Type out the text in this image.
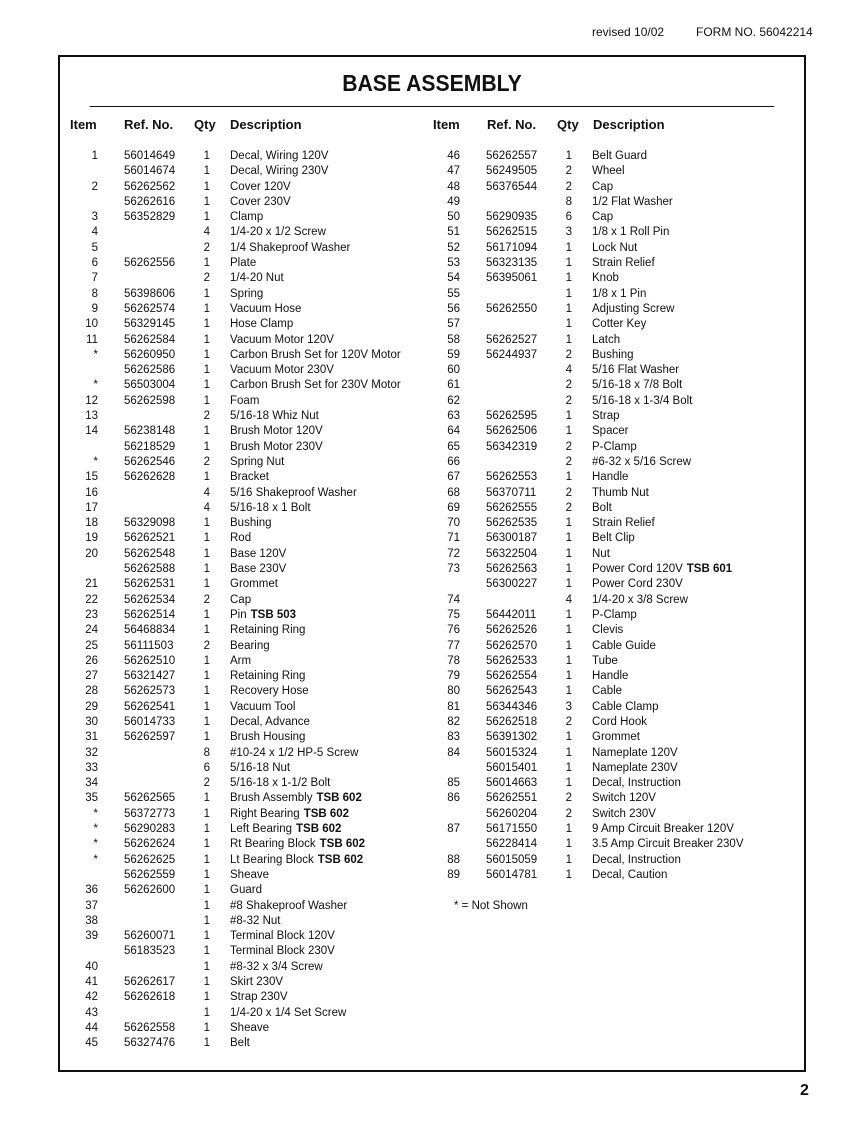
revised 10/02	FORM NO. 56042214
BASE ASSEMBLY
Item Ref. No. Qty Description
1 56014649	1 Decal, Wiring 120V
56014674	1 Decal, Wiring 230V
2 56262562	1 Cover 120V
56262616	1 Cover 230V
3 56352829	1 Clamp
4	4 1/4-20 x 1/2 Screw
5	2 1/4 Shakeproof Washer
6 56262556	1 Plate
7	2 1/4-20 Nut
8 56398606	1 Spring
9 56262574	1 Vacuum Hose
10 56329145	1 Hose Clamp
11 56262584	1 Vacuum Motor 120V
* 56260950	1 Carbon Brush Set for 120V Motor
56262586	1 Vacuum Motor 230V
* 56503004	1 Carbon Brush Set for 230V Motor
12 56262598	1 Foam
13	2 5/16-18 Whiz Nut
14 56238148	1 Brush Motor 120V
56218529	1 Brush Motor 230V
* 56262546	2 Spring Nut
15 56262628	1 Bracket
16	4 5/16 Shakeproof Washer
17	4 5/16-18 x 1 Bolt
18 56329098	1 Bushing
19 56262521	1 Rod
20 56262548	1 Base 120V
56262588	1 Base 230V
21 56262531	1 Grommet
22 56262534	2 Cap
23 56262514	1 Pin TSB 503
24 56468834	1 Retaining Ring
25 56111503	2 Bearing
26 56262510	1 Arm
27 56321427	1 Retaining Ring
28 56262573	1 Recovery Hose
29 56262541	1 Vacuum Tool
30 56014733	1 Decal, Advance
31 56262597	1 Brush Housing
32	8 #10-24 x 1/2 HP-5 Screw
33	6 5/16-18 Nut
34	2 5/16-18 x 1-1/2 Bolt
35 56262565	1 Brush Assembly TSB 602
* 56372773	1 Right Bearing TSB 602
* 56290283	1 Left Bearing TSB 602
* 56262624	1 Rt Bearing Block TSB 602
* 56262625	1 Lt Bearing Block TSB 602
56262559	1 Sheave
36 56262600	1 Guard
37	1 #8 Shakeproof Washer
38	1 #8-32 Nut
39 56260071	1 Terminal Block 120V
56183523	1 Terminal Block 230V
40	1 #8-32 x 3/4 Screw
41 56262617	1 Skirt 230V
42 56262618	1 Strap 230V
43	1 1/4-20 x 1/4 Set Screw
44 56262558	1 Sheave
45 56327476	1 Belt
Item Ref. No. Qty Description
46 56262557	1 Belt Guard
47 56249505	2 Wheel
48 56376544	2 Cap
49	8 1/2 Flat Washer
50 56290935	6 Cap
51 56262515	3 1/8 x 1 Roll Pin
52 56171094	1 Lock Nut
53 56323135	1 Strain Relief
54 56395061	1 Knob
55	1 1/8 x 1 Pin
56 56262550	1 Adjusting Screw
57	1 Cotter Key
58 56262527	1 Latch
59 56244937	2 Bushing
60	4 5/16 Flat Washer
61	2 5/16-18 x 7/8 Bolt
62	2 5/16-18 x 1-3/4 Bolt
63 56262595	1 Strap
64 56262506	1 Spacer
65 56342319	2 P-Clamp
66	2 #6-32 x 5/16 Screw
67 56262553	1 Handle
68 56370711	2 Thumb Nut
69 56262555	2 Bolt
70 56262535	1 Strain Relief
71 56300187	1 Belt Clip
72 56322504	1 Nut
73 56262563	1 Power Cord 120V TSB 601
56300227	1 Power Cord 230V
74	4 1/4-20 x 3/8 Screw
75 56442011	1 P-Clamp
76 56262526	1 Clevis
77 56262570	1 Cable Guide
78 56262533	1 Tube
79 56262554	1 Handle
80 56262543	1 Cable
81 56344346	3 Cable Clamp
82 56262518	2 Cord Hook
83 56391302	1 Grommet
84 56015324	1 Nameplate 120V
56015401	1 Nameplate 230V
85 56014663	1 Decal, Instruction
86 56262551	2 Switch 120V
56260204	2 Switch 230V
87 56171550	1 9 Amp Circuit Breaker 120V
56228414	1 3.5 Amp Circuit Breaker 230V
88 56015059	1 Decal, Instruction
89 56014781	1 Decal, Caution
* = Not Shown
2
